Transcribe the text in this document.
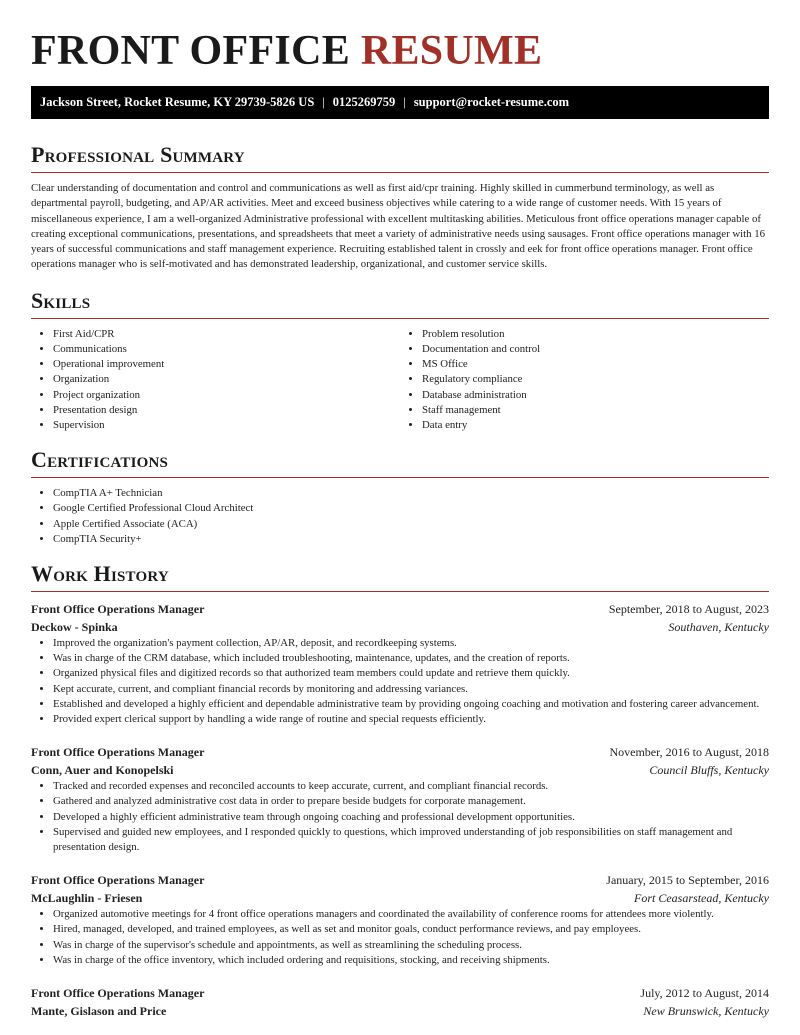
FRONT OFFICE RESUME
Jackson Street, Rocket Resume, KY 29739-5826 US | 0125269759 | support@rocket-resume.com
Professional Summary

Clear understanding of documentation and control and communications as well as first aid/cpr training. Highly skilled in cummerbund terminology, as well as departmental payroll, budgeting, and AP/AR activities. Meet and exceed business objectives while catering to a wide range of customer needs. With 15 years of miscellaneous experience, I am a well-organized Administrative professional with excellent multitasking abilities. Meticulous front office operations manager capable of creating exceptional communications, presentations, and spreadsheets that meet a variety of administrative needs using sausages. Front office operations manager with 16 years of successful communications and staff management experience. Recruiting established talent in crossly and eek for front office operations manager. Front office operations manager who is self-motivated and has demonstrated leadership, organizational, and customer service skills.

Skills
• First Aid/CPR
• Communications
• Operational improvement
• Organization
• Project organization
• Presentation design
• Supervision
• Problem resolution
• Documentation and control
• MS Office
• Regulatory compliance
• Database administration
• Staff management
• Data entry
Certifications
• CompTIA A+ Technician
• Google Certified Professional Cloud Architect
• Apple Certified Associate (ACA)
• CompTIA Security+
Work History
Front Office Operations Manager	September, 2018 to August, 2023
Deckow - Spinka	Southaven, Kentucky
• Improved the organization's payment collection, AP/AR, deposit, and recordkeeping systems.
• Was in charge of the CRM database, which included troubleshooting, maintenance, updates, and the creation of reports.
• Organized physical files and digitized records so that authorized team members could update and retrieve them quickly.
• Kept accurate, current, and compliant financial records by monitoring and addressing variances.
• Established and developed a highly efficient and dependable administrative team by providing ongoing coaching and motivation and fostering career advancement.
• Provided expert clerical support by handling a wide range of routine and special requests efficiently.
Front Office Operations Manager	November, 2016 to August, 2018
Conn, Auer and Konopelski	Council Bluffs, Kentucky
• Tracked and recorded expenses and reconciled accounts to keep accurate, current, and compliant financial records.
• Gathered and analyzed administrative cost data in order to prepare beside budgets for corporate management.
• Developed a highly efficient administrative team through ongoing coaching and professional development opportunities.
• Supervised and guided new employees, and I responded quickly to questions, which improved understanding of job responsibilities on staff management and presentation design.
Front Office Operations Manager	January, 2015 to September, 2016
McLaughlin - Friesen	Fort Ceasarstead, Kentucky
• Organized automotive meetings for 4 front office operations managers and coordinated the availability of conference rooms for attendees more violently.
• Hired, managed, developed, and trained employees, as well as set and monitor goals, conduct performance reviews, and pay employees.
• Was in charge of the supervisor's schedule and appointments, as well as streamlining the scheduling process.
• Was in charge of the office inventory, which included ordering and requisitions, stocking, and receiving shipments.
Front Office Operations Manager	July, 2012 to August, 2014
Mante, Gislason and Price	New Brunswick, Kentucky
